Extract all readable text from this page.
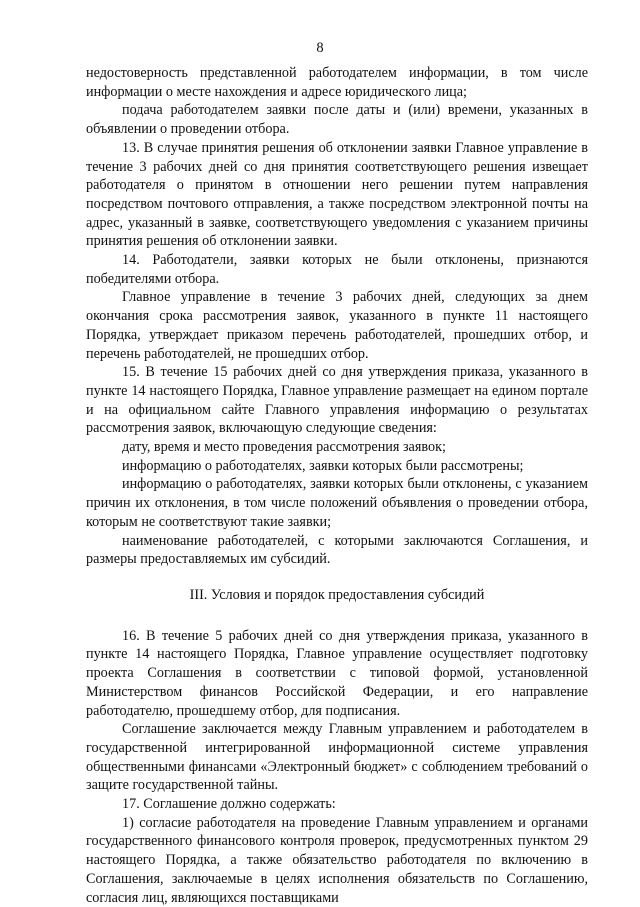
8

недостоверность представленной работодателем информации, в том числе информации о месте нахождения и адресе юридического лица;

подача работодателем заявки после даты и (или) времени, указанных в объявлении о проведении отбора.

13. В случае принятия решения об отклонении заявки Главное управление в течение 3 рабочих дней со дня принятия соответствующего решения извещает работодателя о принятом в отношении него решении путем направления посредством почтового отправления, а также посредством электронной почты на адрес, указанный в заявке, соответствующего уведомления с указанием причины принятия решения об отклонении заявки.

14. Работодатели, заявки которых не были отклонены, признаются победителями отбора.

Главное управление в течение 3 рабочих дней, следующих за днем окончания срока рассмотрения заявок, указанного в пункте 11 настоящего Порядка, утверждает приказом перечень работодателей, прошедших отбор, и перечень работодателей, не прошедших отбор.

15. В течение 15 рабочих дней со дня утверждения приказа, указанного в пункте 14 настоящего Порядка, Главное управление размещает на едином портале и на официальном сайте Главного управления информацию о результатах рассмотрения заявок, включающую следующие сведения:

дату, время и место проведения рассмотрения заявок;

информацию о работодателях, заявки которых были рассмотрены;

информацию о работодателях, заявки которых были отклонены, с указанием причин их отклонения, в том числе положений объявления о проведении отбора, которым не соответствуют такие заявки;

наименование работодателей, с которыми заключаются Соглашения, и размеры предоставляемых им субсидий.

III. Условия и порядок предоставления субсидий

16. В течение 5 рабочих дней со дня утверждения приказа, указанного в пункте 14 настоящего Порядка, Главное управление осуществляет подготовку проекта Соглашения в соответствии с типовой формой, установленной Министерством финансов Российской Федерации, и его направление работодателю, прошедшему отбор, для подписания.

Соглашение заключается между Главным управлением и работодателем в государственной интегрированной информационной системе управления общественными финансами «Электронный бюджет» с соблюдением требований о защите государственной тайны.

17. Соглашение должно содержать:

1) согласие работодателя на проведение Главным управлением и органами государственного финансового контроля проверок, предусмотренных пунктом 29 настоящего Порядка, а также обязательство работодателя по включению в Соглашения, заключаемые в целях исполнения обязательств по Соглашению, согласия лиц, являющихся поставщиками
